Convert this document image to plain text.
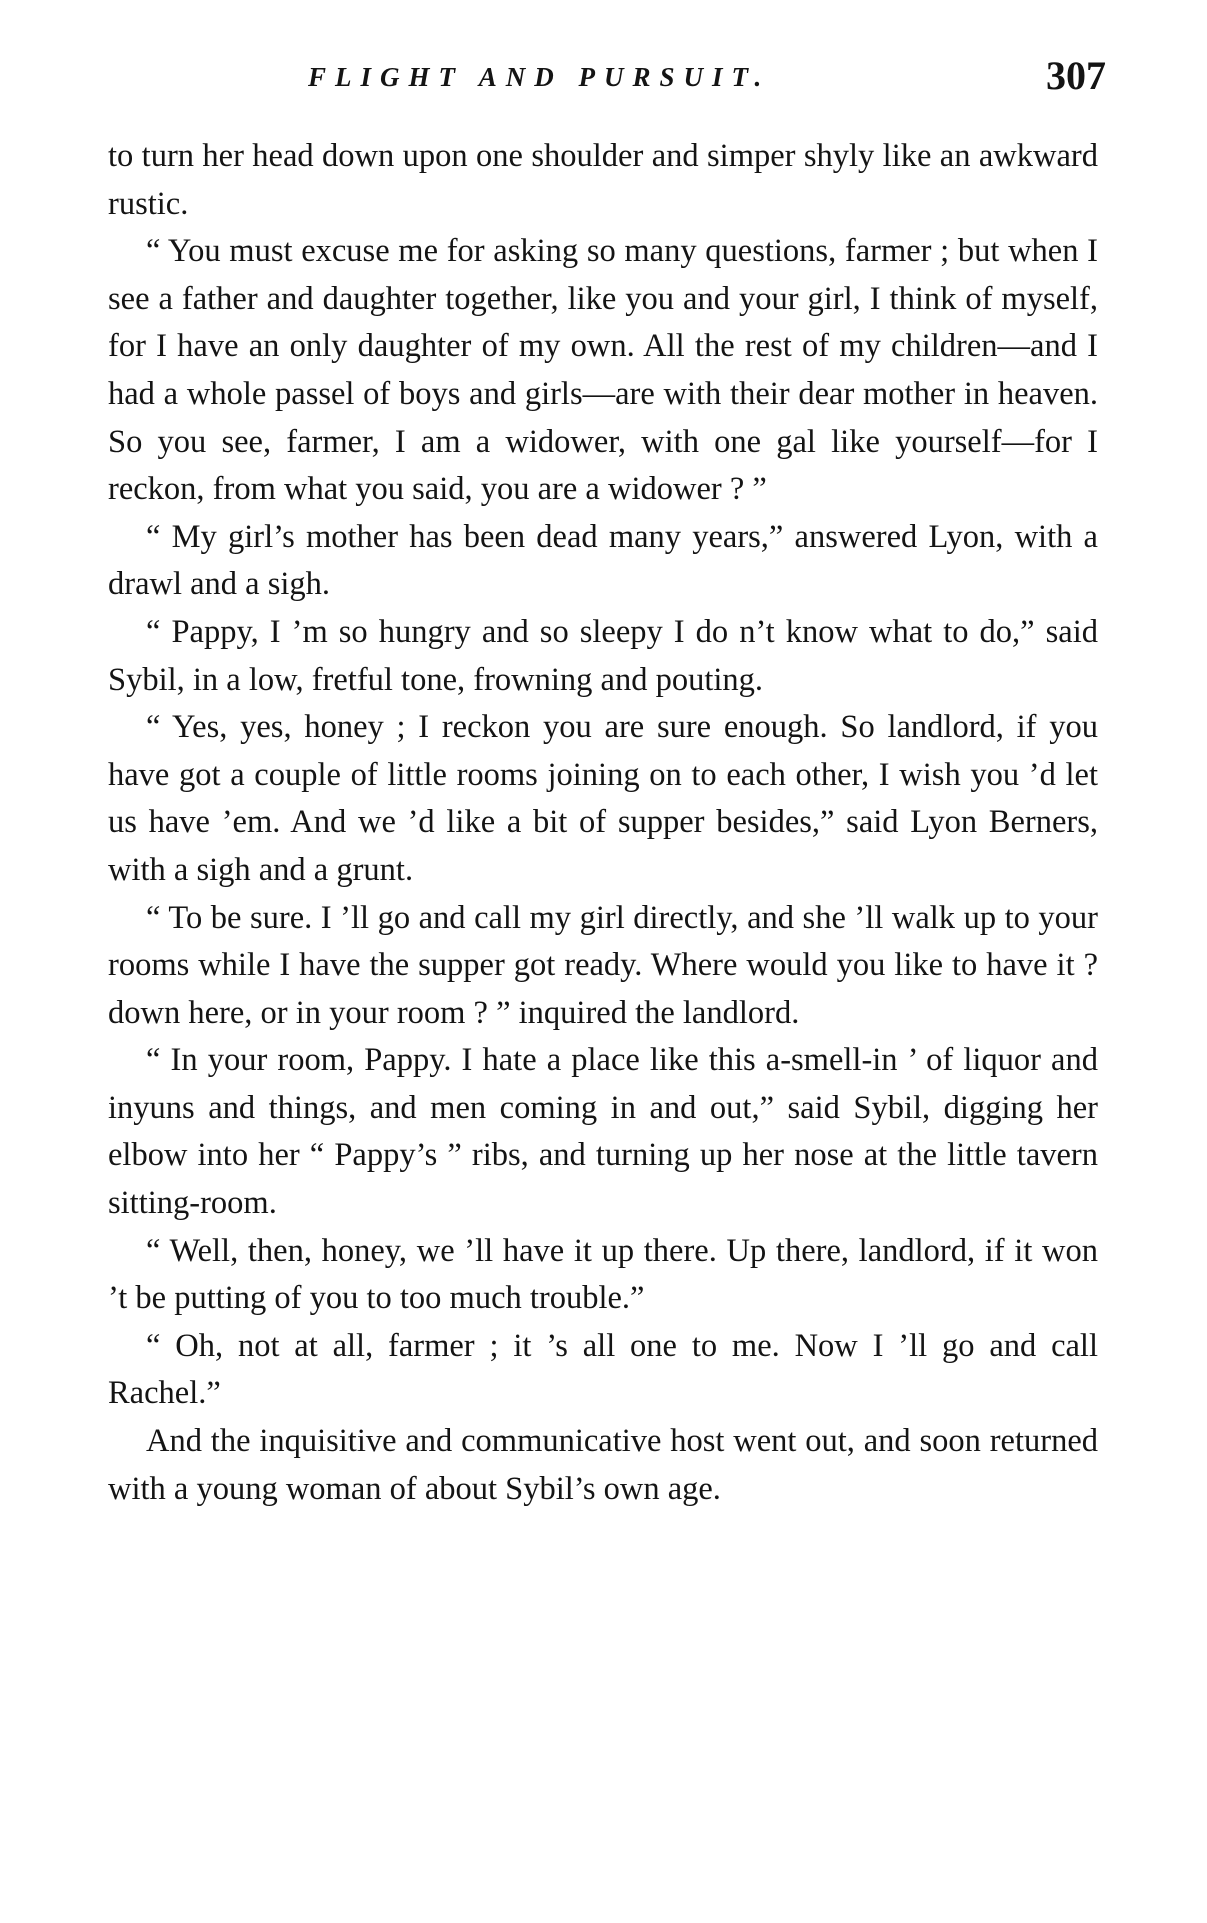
FLIGHT AND PURSUIT.	307

to turn her head down upon one shoulder and simper shyly like an awkward rustic.

“ You must excuse me for asking so many questions, farmer ; but when I see a father and daughter together, like you and your girl, I think of myself, for I have an only daughter of my own. All the rest of my children—and I had a whole passel of boys and girls—are with their dear mother in heaven. So you see, farmer, I am a widower, with one gal like yourself—for I reckon, from what you said, you are a widower ? ”

“ My girl’s mother has been dead many years,” answered Lyon, with a drawl and a sigh.

“ Pappy, I ’m so hungry and so sleepy I do n’t know what to do,” said Sybil, in a low, fretful tone, frowning and pouting.

“ Yes, yes, honey ; I reckon you are sure enough. So landlord, if you have got a couple of little rooms joining on to each other, I wish you ’d let us have ’em. And we ’d like a bit of supper besides,” said Lyon Berners, with a sigh and a grunt.

“ To be sure. I ’ll go and call my girl directly, and she ’ll walk up to your rooms while I have the supper got ready. Where would you like to have it ? down here, or in your room ? ” inquired the landlord.

“ In your room, Pappy. I hate a place like this a-smell-in ’ of liquor and inyuns and things, and men coming in and out,” said Sybil, digging her elbow into her “ Pappy’s ” ribs, and turning up her nose at the little tavern sitting-room.

“ Well, then, honey, we ’ll have it up there. Up there, landlord, if it won ’t be putting of you to too much trouble.”

“ Oh, not at all, farmer ; it ’s all one to me. Now I ’ll go and call Rachel.”

And the inquisitive and communicative host went out, and soon returned with a young woman of about Sybil’s own age.
